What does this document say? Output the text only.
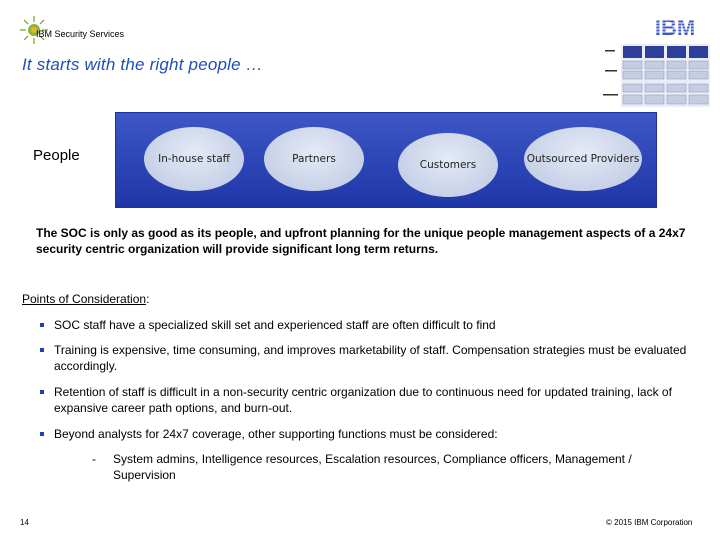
IBM Security Services	IBM
It starts with the right people …
People	In-house staff	Partners	Customers	Outsourced Providers
The SOC is only as good as its people, and upfront planning for the unique people management aspects of a 24x7 security centric organization will provide significant long term returns.
Points of Consideration:
SOC staff have a specialized skill set and experienced staff are often difficult to find
Training is expensive, time consuming, and improves marketability of staff. Compensation strategies must be evaluated accordingly.
Retention of staff is difficult in a non-security centric organization due to continuous need for updated training, lack of expansive career path options, and burn-out.
Beyond analysts for 24x7 coverage, other supporting functions must be considered:
- System admins, Intelligence resources, Escalation resources, Compliance officers, Management / Supervision
14	© 2015 IBM Corporation
